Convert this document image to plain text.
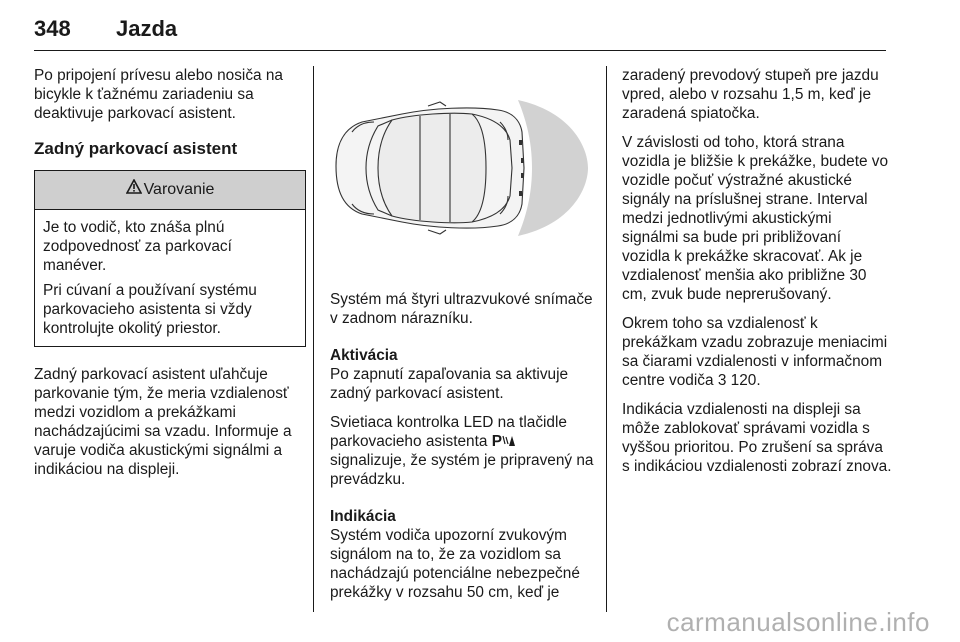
348 Jazda

Po pripojení prívesu alebo nosiča na bicykle k ťažnému zariadeniu sa deaktivuje parkovací asistent.

Zadný parkovací asistent
Varovanie

Je to vodič, kto znáša plnú zodpovednosť za parkovací manéver.

Pri cúvaní a používaní systému parkovacieho asistenta si vždy kontrolujte okolitý priestor.

Zadný parkovací asistent uľahčuje parkovanie tým, že meria vzdialenosť medzi vozidlom a prekážkami nachádzajúcimi sa vzadu. Informuje a varuje vodiča akustickými signálmi a indikáciou na displeji.

Systém má štyri ultrazvukové snímače v zadnom nárazníku.

Aktivácia

Po zapnutí zapaľovania sa aktivuje zadný parkovací asistent.

Svietiaca kontrolka LED na tlačidle parkovacieho asistenta P
signalizuje, že systém je pripravený na prevádzku.

Indikácia

Systém vodiča upozorní zvukovým signálom na to, že za vozidlom sa nachádzajú potenciálne nebezpečné prekážky v rozsahu 50 cm, keď je

zaradený prevodový stupeň pre jazdu vpred, alebo v rozsahu 1,5 m, keď je zaradená spiatočka.

V závislosti od toho, ktorá strana vozidla je bližšie k prekážke, budete vo vozidle počuť výstražné akustické signály na príslušnej strane. Interval medzi jednotlivými akustickými signálmi sa bude pri približovaní vozidla k prekážke skracovať. Ak je vzdialenosť menšia ako približne 30 cm, zvuk bude neprerušovaný.

Okrem toho sa vzdialenosť k prekážkam vzadu zobrazuje meniacimi sa čiarami vzdialenosti v informačnom centre vodiča 3 120.

Indikácia vzdialenosti na displeji sa môže zablokovať správami vozidla s vyššou prioritou. Po zrušení sa správa s indikáciou vzdialenosti zobrazí znova.

carmanualsonline.info
